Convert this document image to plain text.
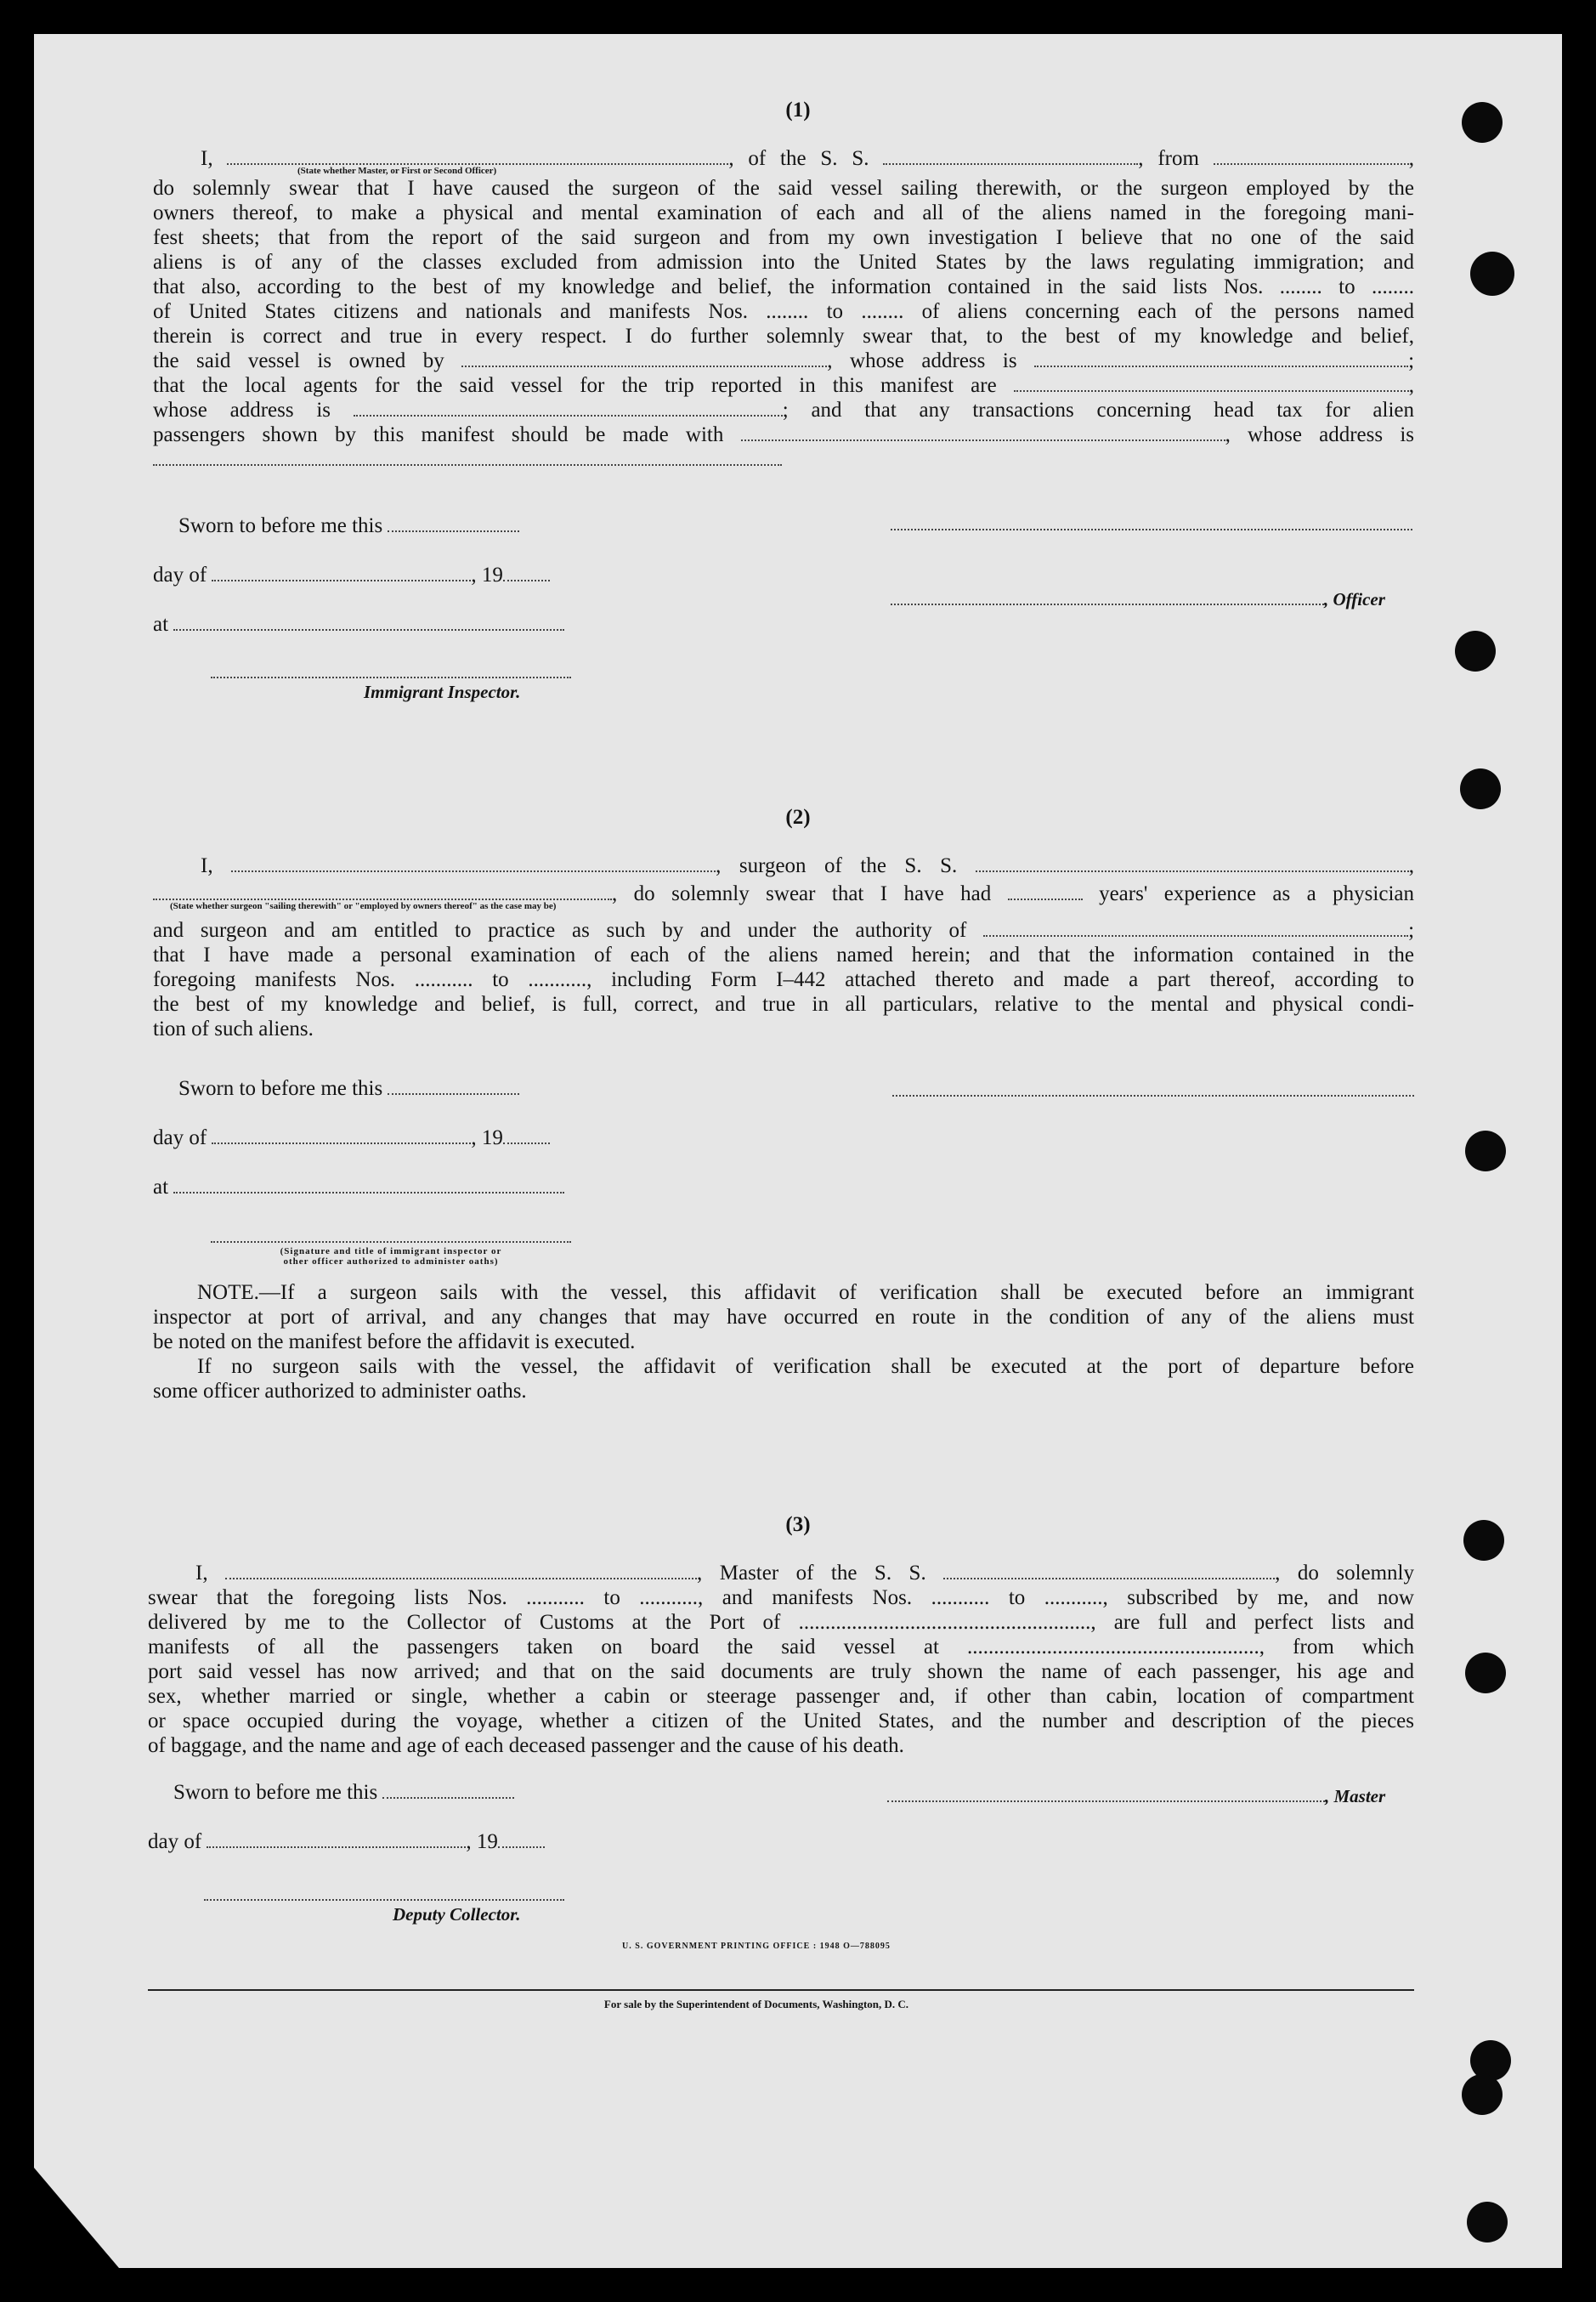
(1)
I,	, of the S. S.	, from	,
(State whether Master, or First or Second Officer)
do solemnly swear that I have caused the surgeon of the said vessel sailing therewith, or the surgeon employed by the
owners thereof, to make a physical and mental examination of each and all of the aliens named in the foregoing mani-
fest sheets; that from the report of the said surgeon and from my own investigation I believe that no one of the said
aliens is of any of the classes excluded from admission into the United States by the laws regulating immigration; and
that also, according to the best of my knowledge and belief, the information contained in the said lists Nos. ........ to ........
of United States citizens and nationals and manifests Nos. ........ to ........ of aliens concerning each of the persons named
therein is correct and true in every respect. I do further solemnly swear that, to the best of my knowledge and belief,
the said vessel is owned by	, whose address is	;
that the local agents for the said vessel for the trip reported in this manifest are	,
whose address is	; and that any transactions concerning head tax for alien
passengers shown by this manifest should be made with	, whose address is
Sworn to before me this
day of	, 19
at
Immigrant Inspector.
, Officer
(2)
I,	, surgeon of the S. S.	,
, do solemnly swear that I have had	years' experience as a physician
(State whether surgeon "sailing therewith" or "employed by owners thereof" as the case may be)
and surgeon and am entitled to practice as such by and under the authority of	;
that I have made a personal examination of each of the aliens named herein; and that the information contained in the
foregoing manifests Nos. ........... to ..........., including Form I–442 attached thereto and made a part thereof, according to
the best of my knowledge and belief, is full, correct, and true in all particulars, relative to the mental and physical condi-
tion of such aliens.
Sworn to before me this
day of	, 19
at
(Signature and title of immigrant inspector or
other officer authorized to administer oaths)
NOTE.—If a surgeon sails with the vessel, this affidavit of verification shall be executed before an immigrant
inspector at port of arrival, and any changes that may have occurred en route in the condition of any of the aliens must
be noted on the manifest before the affidavit is executed.
If no surgeon sails with the vessel, the affidavit of verification shall be executed at the port of departure before
some officer authorized to administer oaths.
(3)
I,	, Master of the S. S.	, do solemnly
swear that the foregoing lists Nos. ........... to ..........., and manifests Nos. ........... to ..........., subscribed by me, and now
delivered by me to the Collector of Customs at the Port of ......................................................., are full and perfect lists and
manifests of all the passengers taken on board the said vessel at ......................................................., from which
port said vessel has now arrived; and that on the said documents are truly shown the name of each passenger, his age and
sex, whether married or single, whether a cabin or steerage passenger and, if other than cabin, location of compartment
or space occupied during the voyage, whether a citizen of the United States, and the number and description of the pieces
of baggage, and the name and age of each deceased passenger and the cause of his death.
Sworn to before me this
day of	, 19
Deputy Collector.
, Master
U. S. GOVERNMENT PRINTING OFFICE : 1948 O—788095
For sale by the Superintendent of Documents, Washington, D. C.
